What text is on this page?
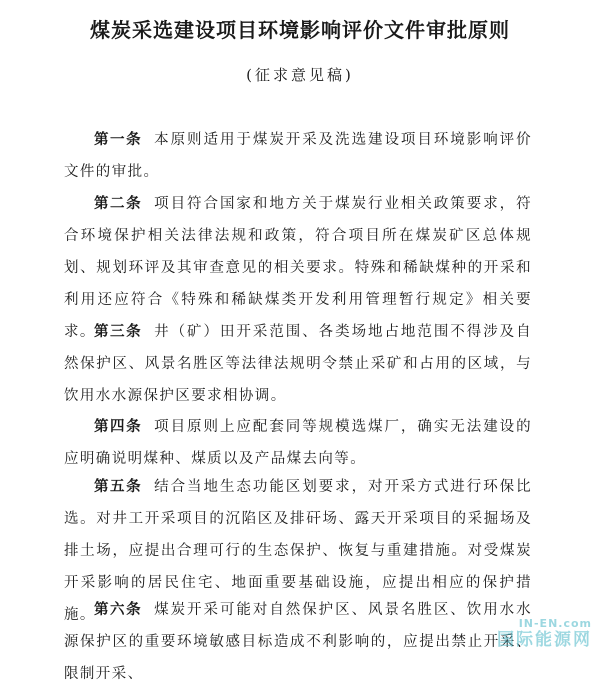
煤炭采选建设项目环境影响评价文件审批原则
(征求意见稿)

第一条 本原则适用于煤炭开采及洗选建设项目环境影响评价文件的审批。

第二条 项目符合国家和地方关于煤炭行业相关政策要求，符合环境保护相关法律法规和政策，符合项目所在煤炭矿区总体规划、规划环评及其审查意见的相关要求。特殊和稀缺煤种的开采和利用还应符合《特殊和稀缺煤类开发利用管理暂行规定》相关要求。

第三条 井（矿）田开采范围、各类场地占地范围不得涉及自然保护区、风景名胜区等法律法规明令禁止采矿和占用的区域，与饮用水水源保护区要求相协调。

第四条 项目原则上应配套同等规模选煤厂，确实无法建设的应明确说明煤种、煤质以及产品煤去向等。

第五条 结合当地生态功能区划要求，对开采方式进行环保比选。对井工开采项目的沉陷区及排矸场、露天开采项目的采掘场及排土场，应提出合理可行的生态保护、恢复与重建措施。对受煤炭开采影响的居民住宅、地面重要基础设施，应提出相应的保护措施。

第六条 煤炭开采可能对自然保护区、风景名胜区、饮用水水源保护区的重要环境敏感目标造成不利影响的，应提出禁止开采、限制开采、

IN-EN.com
国际能源网
